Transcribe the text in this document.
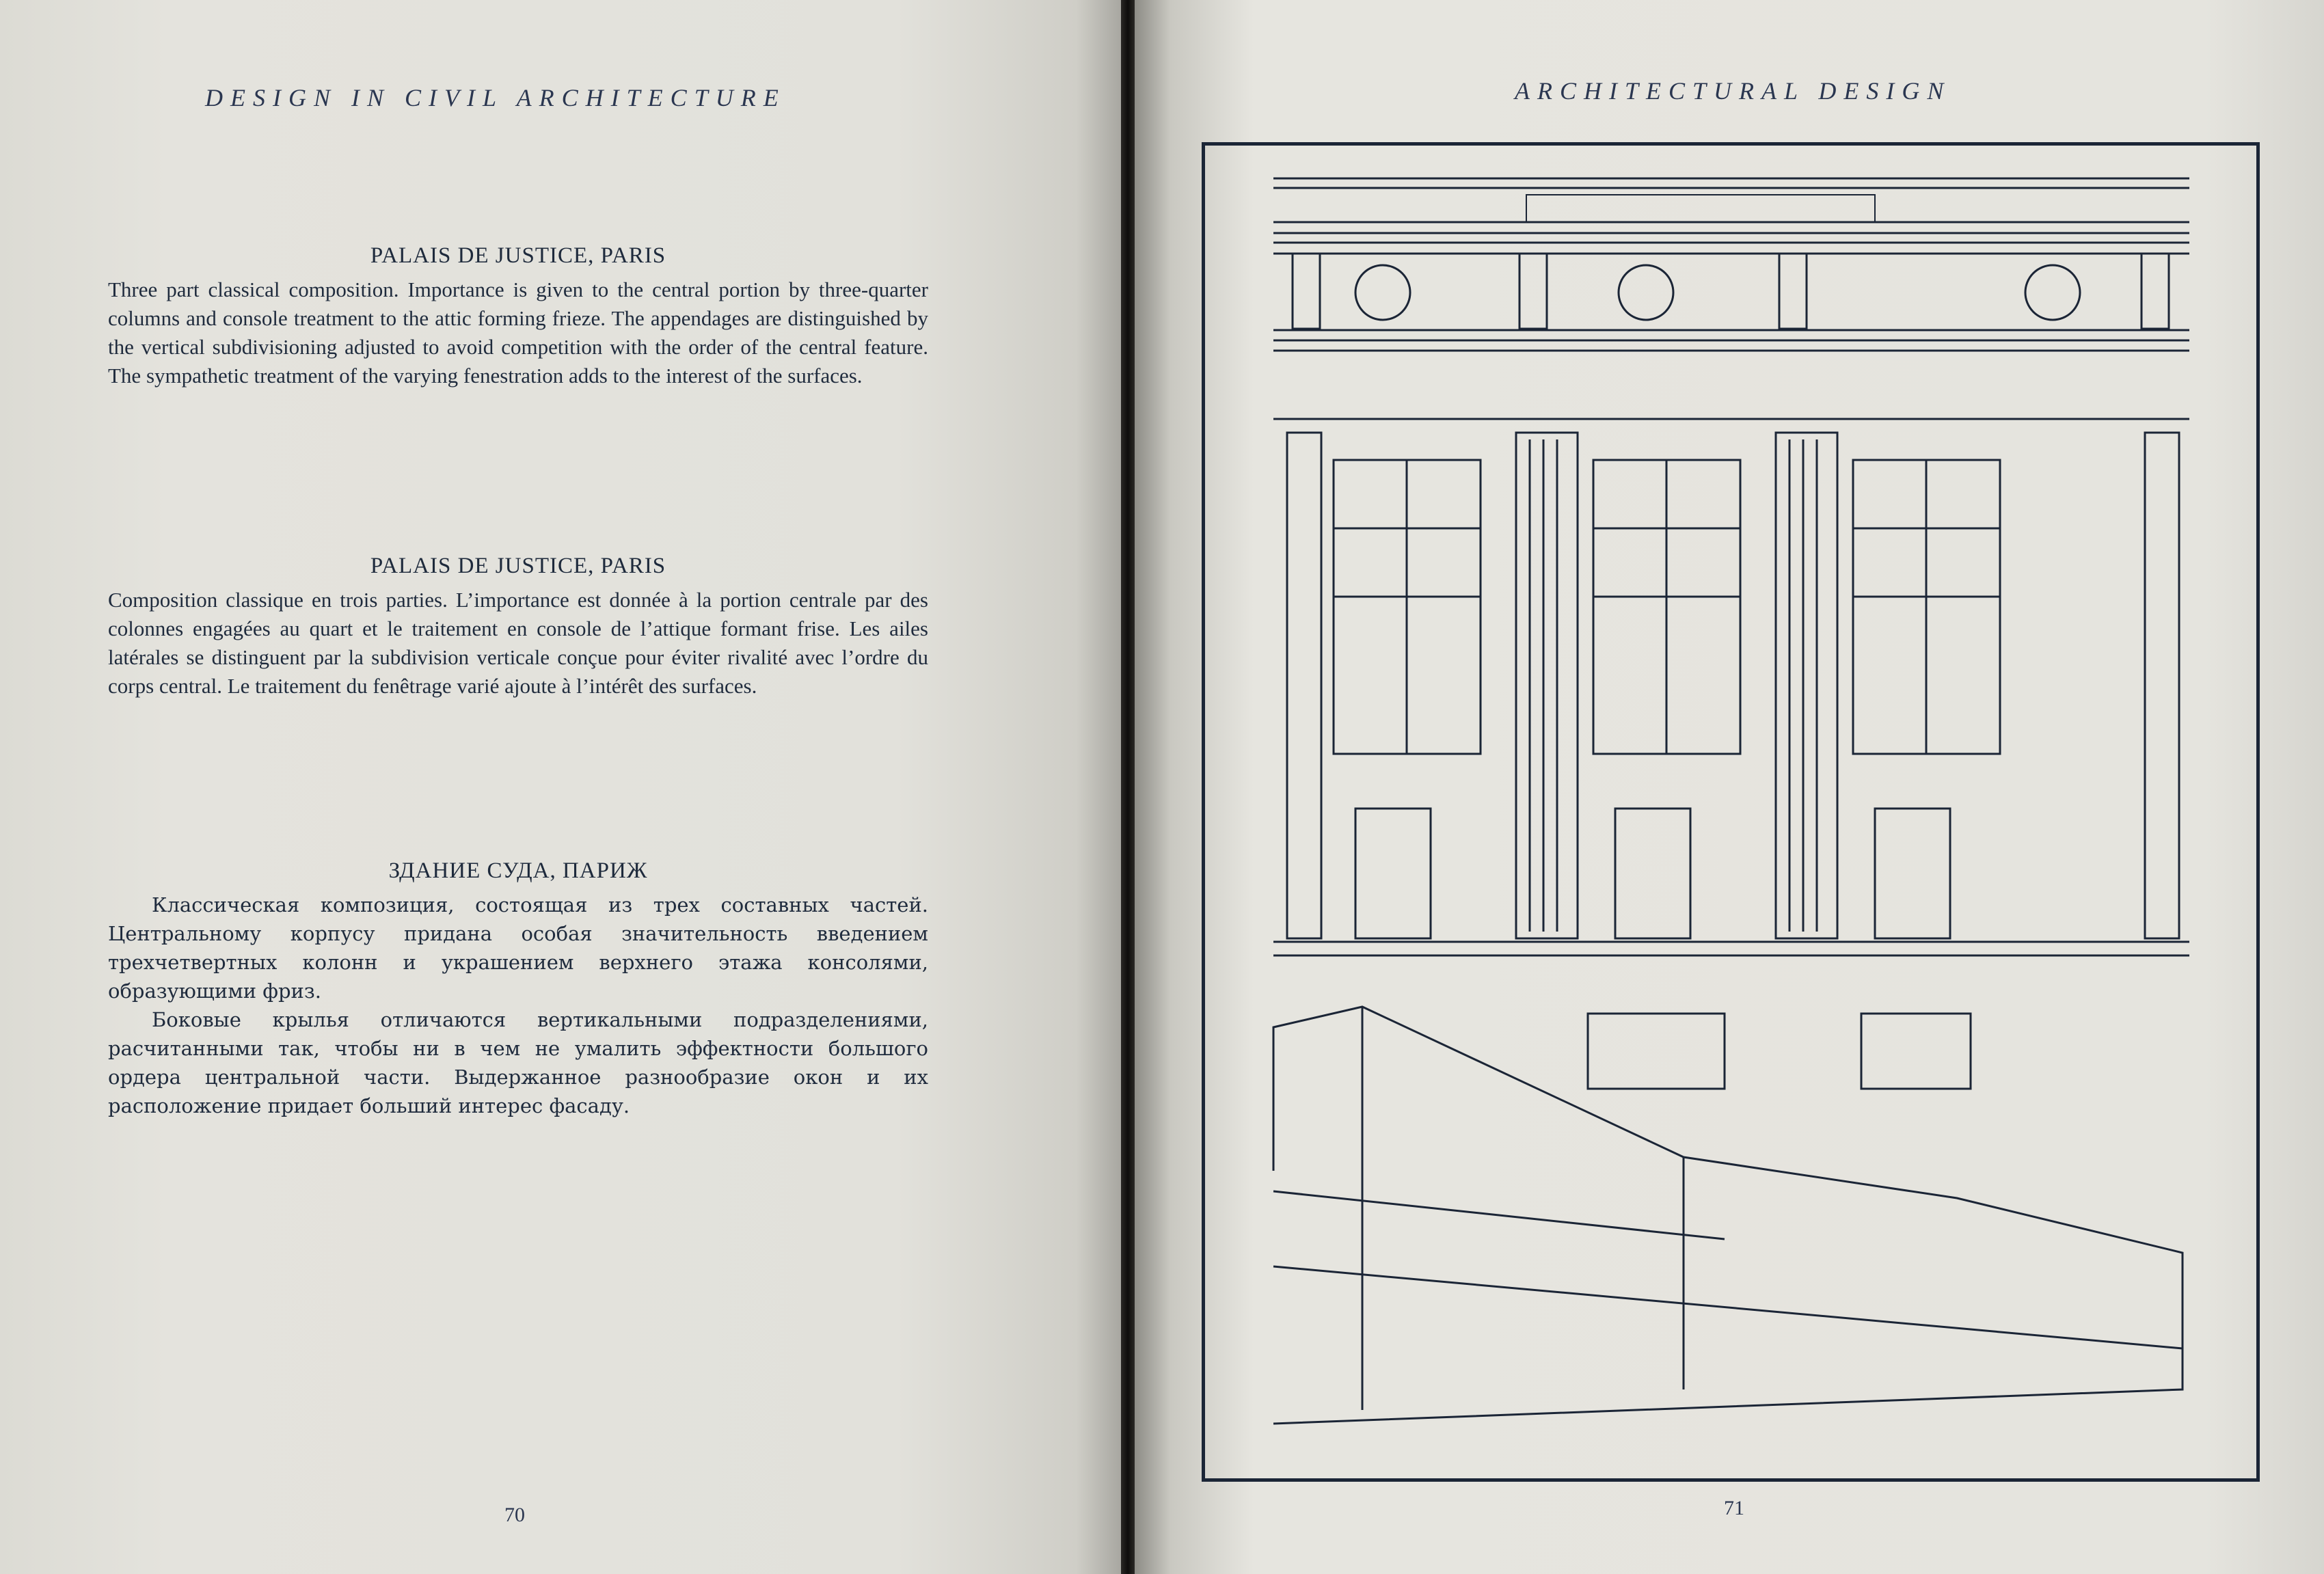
DESIGN IN CIVIL ARCHITECTURE
PALAIS DE JUSTICE, PARIS

Three part classical composition. Importance is given to the central portion by three-quarter columns and console treatment to the attic forming frieze. The appendages are distinguished by the vertical subdivisioning adjusted to avoid competition with the order of the central feature. The sympathetic treatment of the varying fenestration adds to the interest of the surfaces.

PALAIS DE JUSTICE, PARIS

Composition classique en trois parties. L’importance est donnée à la portion centrale par des colonnes engagées au quart et le traitement en console de l’attique formant frise. Les ailes latérales se distinguent par la subdivision verticale conçue pour éviter rivalité avec l’ordre du corps central. Le traitement du fenêtrage varié ajoute à l’intérêt des surfaces.

ЗДАНИЕ СУДА, ПАРИЖ

Классическая композиция, состоящая из трех составных частей. Центральному корпусу придана особая значительность введением трехчетвертных колонн и украшением верхнего этажа консолями, образующими фриз.

Боковые крылья отличаются вертикальными подразделениями, расчитанными так, чтобы ни в чем не умалить эффектности большого ордера центральной части. Выдержанное разнообразие окон и их расположение придает больший интерес фасаду.

70
ARCHITECTURAL DESIGN
71
